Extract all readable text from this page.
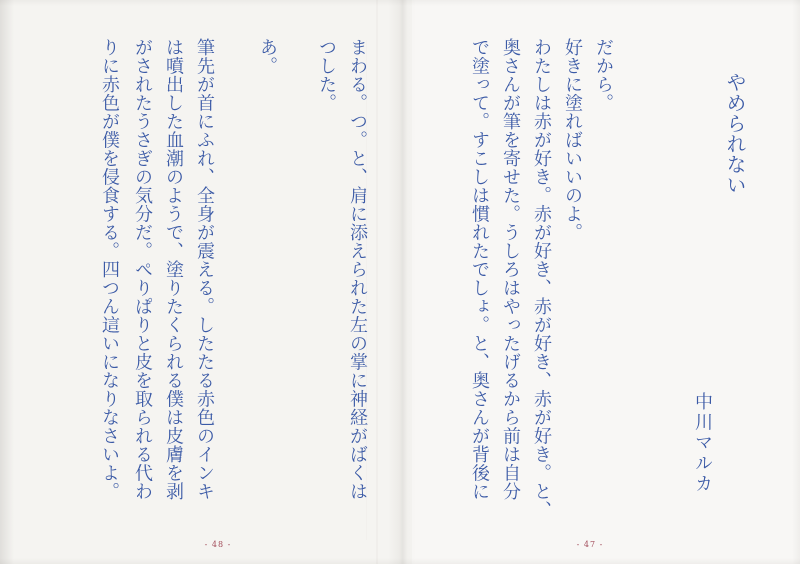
やめられない
中川マルカ
だから。
好きに塗ればいいのよ。
わたしは赤が好き。赤が好き、赤が好き、赤が好き。と、
奥さんが筆を寄せた。うしろはやったげるから前は自分
で塗って。すこしは慣れたでしょ。と、奥さんが背後に
- 47 -
まわる。つ。と、肩に添えられた左の掌に神経がばくは
つした。
あ。
筆先が首にふれ、全身が震える。したたる赤色のインキ
は噴出した血潮のようで、塗りたくられる僕は皮膚を剥
がされたうさぎの気分だ。ぺりぱりと皮を取られる代わ
りに赤色が僕を侵食する。四つん這いになりなさいよ。
- 48 -
